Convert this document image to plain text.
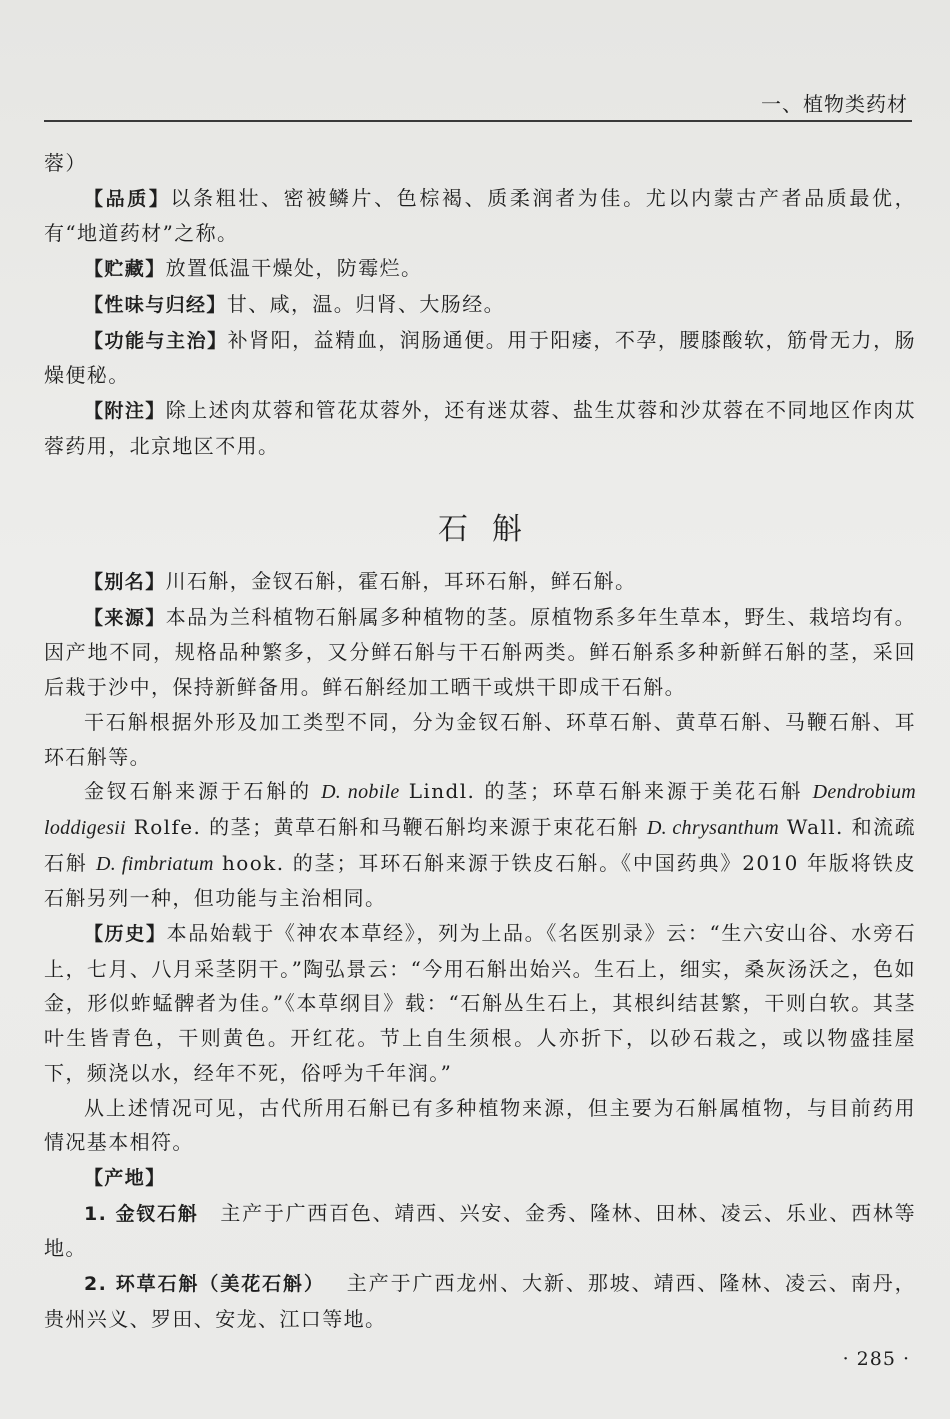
一、植物类药材

蓉）

【品质】以条粗壮、密被鳞片、色棕褐、质柔润者为佳。尤以内蒙古产者品质最优，有“地道药材”之称。

【贮藏】放置低温干燥处，防霉烂。

【性味与归经】甘、咸，温。归肾、大肠经。

【功能与主治】补肾阳，益精血，润肠通便。用于阳痿，不孕，腰膝酸软，筋骨无力，肠燥便秘。

【附注】除上述肉苁蓉和管花苁蓉外，还有迷苁蓉、盐生苁蓉和沙苁蓉在不同地区作肉苁蓉药用，北京地区不用。

石斛

【别名】川石斛，金钗石斛，霍石斛，耳环石斛，鲜石斛。

【来源】本品为兰科植物石斛属多种植物的茎。原植物系多年生草本，野生、栽培均有。因产地不同，规格品种繁多，又分鲜石斛与干石斛两类。鲜石斛系多种新鲜石斛的茎，采回后栽于沙中，保持新鲜备用。鲜石斛经加工晒干或烘干即成干石斛。

干石斛根据外形及加工类型不同，分为金钗石斛、环草石斛、黄草石斛、马鞭石斛、耳环石斛等。

金钗石斛来源于石斛的 D. nobile Lindl. 的茎；环草石斛来源于美花石斛 Dendrobium loddigesii Rolfe. 的茎；黄草石斛和马鞭石斛均来源于束花石斛 D. chrysanthum Wall. 和流疏石斛 D. fimbriatum hook. 的茎；耳环石斛来源于铁皮石斛。《中国药典》2010 年版将铁皮石斛另列一种，但功能与主治相同。

【历史】本品始载于《神农本草经》，列为上品。《名医别录》云：“生六安山谷、水旁石上，七月、八月采茎阴干。”陶弘景云：“今用石斛出始兴。生石上，细实，桑灰汤沃之，色如金，形似蚱蜢髀者为佳。”《本草纲目》载：“石斛丛生石上，其根纠结甚繁，干则白软。其茎叶生皆青色，干则黄色。开红花。节上自生须根。人亦折下，以砂石栽之，或以物盛挂屋下，频浇以水，经年不死，俗呼为千年润。”

从上述情况可见，古代所用石斛已有多种植物来源，但主要为石斛属植物，与目前药用情况基本相符。

【产地】

1. 金钗石斛  主产于广西百色、靖西、兴安、金秀、隆林、田林、凌云、乐业、西林等地。

2. 环草石斛（美花石斛）  主产于广西龙州、大新、那坡、靖西、隆林、凌云、南丹，贵州兴义、罗田、安龙、江口等地。

· 285 ·
